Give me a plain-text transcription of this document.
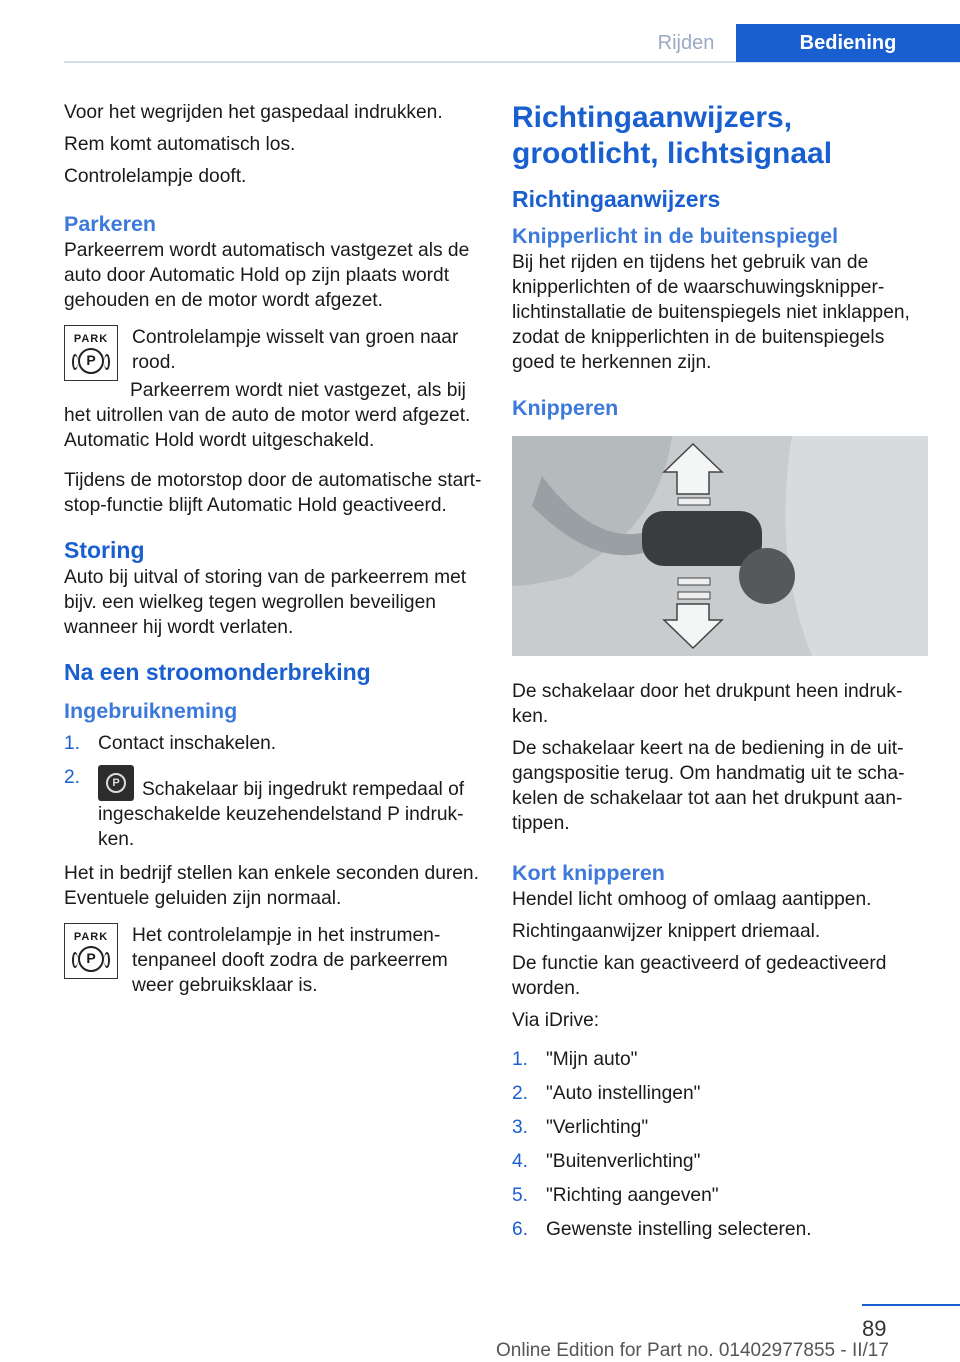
Rijden	Bediening

Voor het wegrijden het gaspedaal indrukken.

Rem komt automatisch los.

Controlelampje dooft.

Parkeren

Parkeerrem wordt automatisch vastgezet als de auto door Automatic Hold op zijn plaats wordt gehouden en de motor wordt afgezet.

PARK
P

Controlelampje wisselt van groen naar rood.

Parkeerrem wordt niet vastgezet, als bij het uitrollen van de auto de motor werd afgezet. Automatic Hold wordt uitgeschakeld.

Tijdens de motorstop door de automatische start-stop-functie blijft Automatic Hold geactiveerd.

Storing

Auto bij uitval of storing van de parkeerrem met bijv. een wielkeg tegen wegrollen beveiligen wanneer hij wordt verlaten.

Na een stroomonderbreking
Ingebruikneming
1. Contact inschakelen.
2.	P	Schakelaar bij ingedrukt rempedaal of ingeschakelde keuzehendelstand P indrukken.

Het in bedrijf stellen kan enkele seconden duren. Eventuele geluiden zijn normaal.

PARK
P

Het controlelampje in het instrumentenpaneel dooft zodra de parkeerrem weer gebruiksklaar is.

Richtingaanwijzers, grootlicht, lichtsignaal
Richtingaanwijzers
Knipperlicht in de buitenspiegel

Bij het rijden en tijdens het gebruik van de knipperlichten of de waarschuwingsknipperlichtinstallatie de buitenspiegels niet inklappen, zodat de knipperlichten in de buitenspiegels goed te herkennen zijn.

Knipperen

De schakelaar door het drukpunt heen indrukken.

De schakelaar keert na de bediening in de uitgangspositie terug. Om handmatig uit te schakelen de schakelaar tot aan het drukpunt aantippen.

Kort knipperen

Hendel licht omhoog of omlaag aantippen.

Richtingaanwijzer knippert driemaal.

De functie kan geactiveerd of gedeactiveerd worden.

Via iDrive:

1. "Mijn auto"
2. "Auto instellingen"
3. "Verlichting"
4. "Buitenverlichting"
5. "Richting aangeven"
6. Gewenste instelling selecteren.
89
Online Edition for Part no. 01402977855 - II/17
